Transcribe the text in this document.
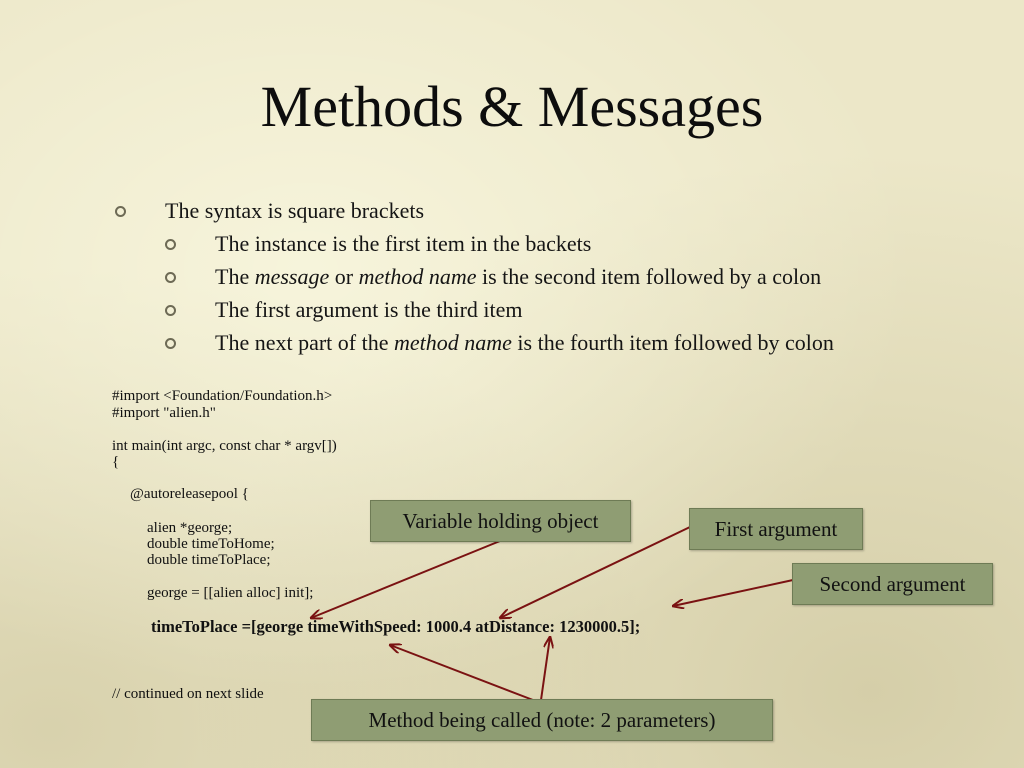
Methods & Messages
The syntax is square brackets
The instance is the first item in the backets
The message or method name is the second item followed by a colon
The first argument is the third item
The next part of the method name is the fourth item followed by colon
#import <Foundation/Foundation.h>
#import "alien.h"
int main(int argc, const char * argv[])
{
@autoreleasepool {
alien *george;
double timeToHome;
double timeToPlace;
george = [[alien alloc] init];
timeToPlace =[george timeWithSpeed: 1000.4 atDistance: 1230000.5];
// continued on next slide
Variable holding object	First argument
Second argument
Method being called (note: 2 parameters)
